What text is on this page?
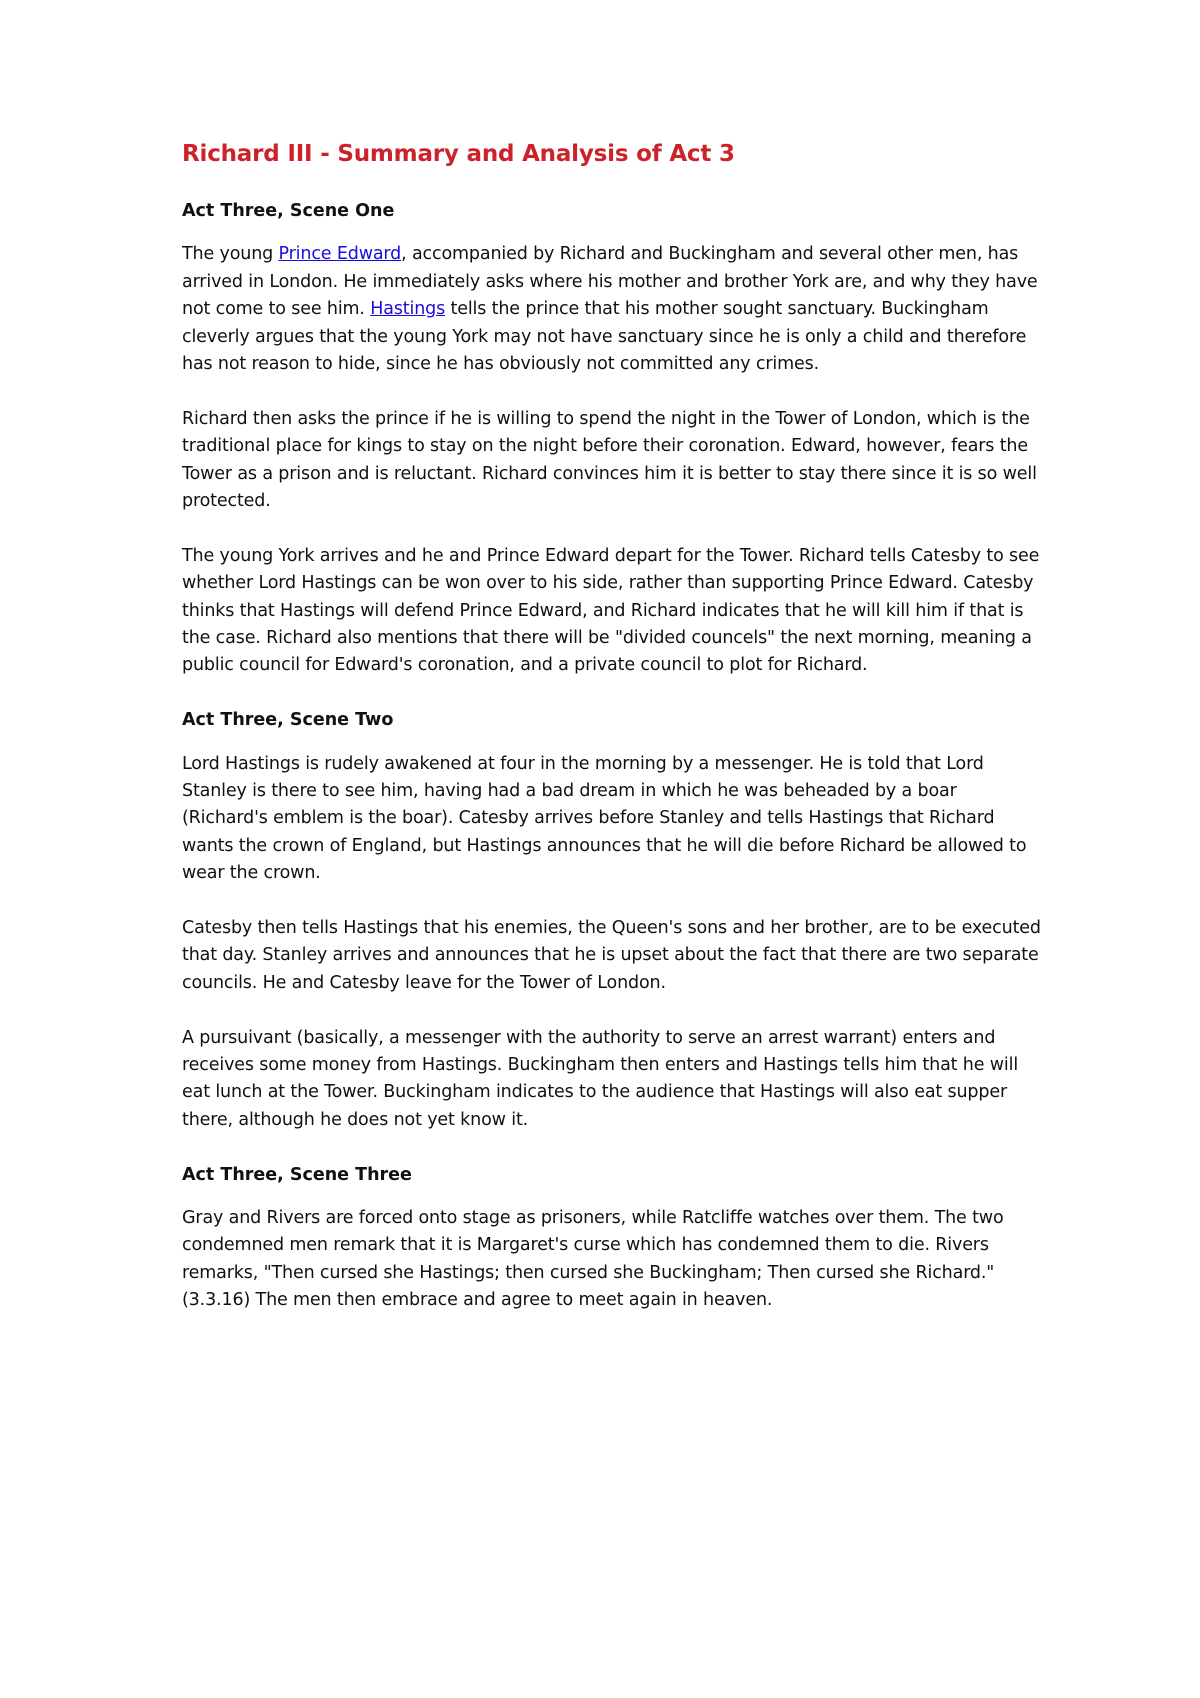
Richard III - Summary and Analysis of Act 3
Act Three, Scene One

The young Prince Edward, accompanied by Richard and Buckingham and several other men, has arrived in London. He immediately asks where his mother and brother York are, and why they have not come to see him. Hastings tells the prince that his mother sought sanctuary. Buckingham cleverly argues that the young York may not have sanctuary since he is only a child and therefore has not reason to hide, since he has obviously not committed any crimes.

Richard then asks the prince if he is willing to spend the night in the Tower of London, which is the traditional place for kings to stay on the night before their coronation. Edward, however, fears the Tower as a prison and is reluctant. Richard convinces him it is better to stay there since it is so well protected.

The young York arrives and he and Prince Edward depart for the Tower. Richard tells Catesby to see whether Lord Hastings can be won over to his side, rather than supporting Prince Edward. Catesby thinks that Hastings will defend Prince Edward, and Richard indicates that he will kill him if that is the case. Richard also mentions that there will be "divided councels" the next morning, meaning a public council for Edward's coronation, and a private council to plot for Richard.

Act Three, Scene Two

Lord Hastings is rudely awakened at four in the morning by a messenger. He is told that Lord Stanley is there to see him, having had a bad dream in which he was beheaded by a boar (Richard's emblem is the boar). Catesby arrives before Stanley and tells Hastings that Richard wants the crown of England, but Hastings announces that he will die before Richard be allowed to wear the crown.

Catesby then tells Hastings that his enemies, the Queen's sons and her brother, are to be executed that day. Stanley arrives and announces that he is upset about the fact that there are two separate councils. He and Catesby leave for the Tower of London.

A pursuivant (basically, a messenger with the authority to serve an arrest warrant) enters and receives some money from Hastings. Buckingham then enters and Hastings tells him that he will eat lunch at the Tower. Buckingham indicates to the audience that Hastings will also eat supper there, although he does not yet know it.

Act Three, Scene Three

Gray and Rivers are forced onto stage as prisoners, while Ratcliffe watches over them. The two condemned men remark that it is Margaret's curse which has condemned them to die. Rivers remarks, "Then cursed she Hastings; then cursed she Buckingham; Then cursed she Richard." (3.3.16) The men then embrace and agree to meet again in heaven.
